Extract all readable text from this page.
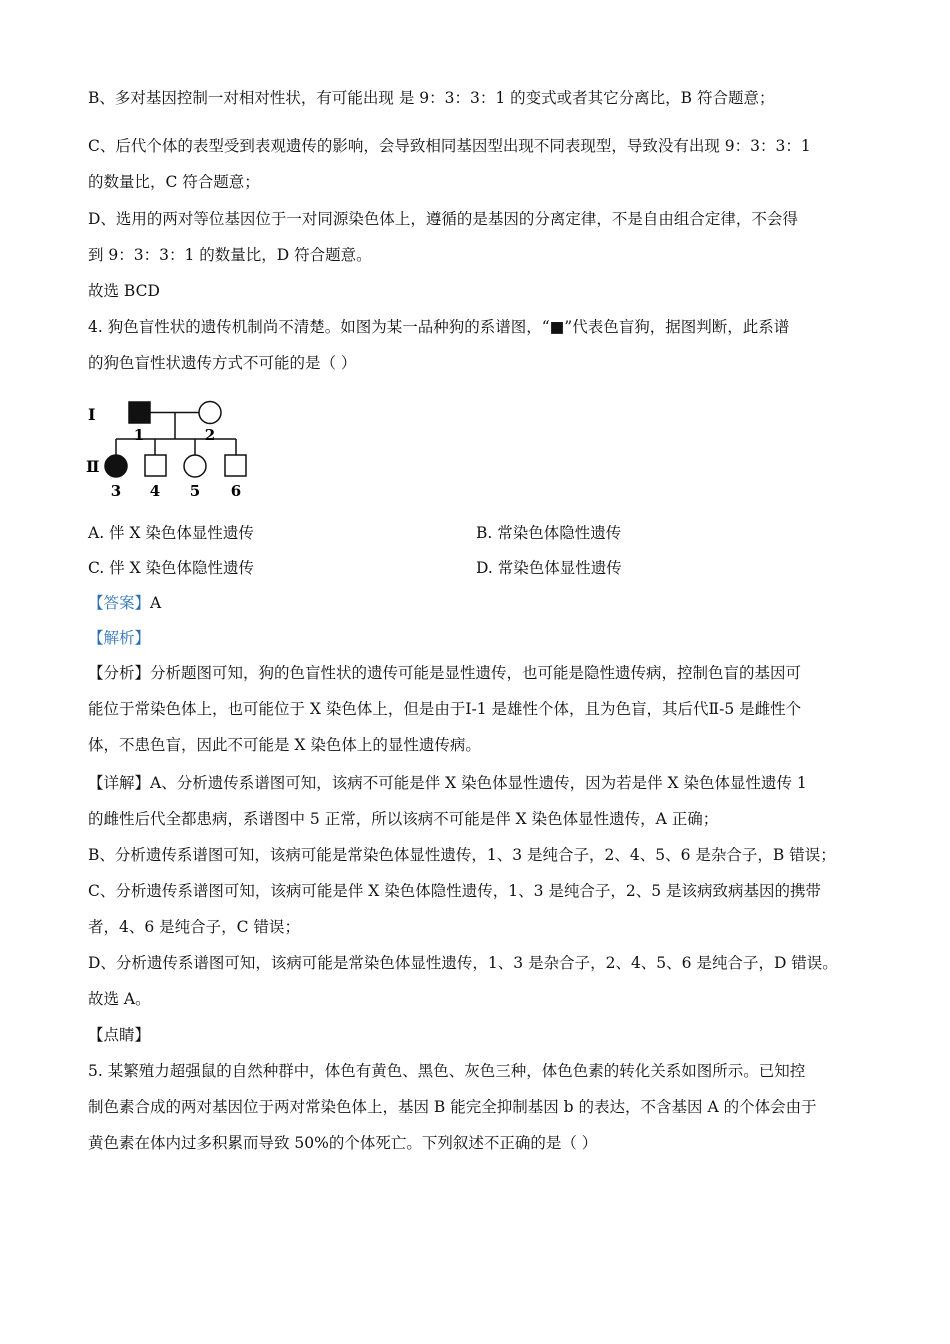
B、多对基因控制一对相对性状，有可能出现 是 9：3：3：1 的变式或者其它分离比，B 符合题意；
C、后代个体的表型受到表观遗传的影响，会导致相同基因型出现不同表现型，导致没有出现 9：3：3：1
的数量比，C 符合题意；
D、选用的两对等位基因位于一对同源染色体上，遵循的是基因的分离定律，不是自由组合定律，不会得
到 9：3：3：1 的数量比，D 符合题意。
故选 BCD
4. 狗色盲性状的遗传机制尚不清楚。如图为某一品种狗的系谱图，“■”代表色盲狗，据图判断，此系谱
的狗色盲性状遗传方式不可能的是（ ）
Ⅰ
Ⅱ
1	2
3 4 5 6
A. 伴 X 染色体显性遗传	B. 常染色体隐性遗传
C. 伴 X 染色体隐性遗传	D. 常染色体显性遗传
【答案】A
【解析】
【分析】分析题图可知，狗的色盲性状的遗传可能是显性遗传，也可能是隐性遗传病，控制色盲的基因可
能位于常染色体上，也可能位于 X 染色体上，但是由于Ⅰ-1 是雄性个体，且为色盲，其后代Ⅱ-5 是雌性个
体，不患色盲，因此不可能是 X 染色体上的显性遗传病。
【详解】A、分析遗传系谱图可知，该病不可能是伴 X 染色体显性遗传，因为若是伴 X 染色体显性遗传 1
的雌性后代全都患病，系谱图中 5 正常，所以该病不可能是伴 X 染色体显性遗传，A 正确；
B、分析遗传系谱图可知，该病可能是常染色体显性遗传，1、3 是纯合子，2、4、5、6 是杂合子，B 错误；
C、分析遗传系谱图可知，该病可能是伴 X 染色体隐性遗传，1、3 是纯合子，2、5 是该病致病基因的携带
者，4、6 是纯合子，C 错误；
D、分析遗传系谱图可知，该病可能是常染色体显性遗传，1、3 是杂合子，2、4、5、6 是纯合子，D 错误。
故选 A。
【点睛】
5. 某繁殖力超强鼠的自然种群中，体色有黄色、黑色、灰色三种，体色色素的转化关系如图所示。已知控
制色素合成的两对基因位于两对常染色体上，基因 B 能完全抑制基因 b 的表达，不含基因 A 的个体会由于
黄色素在体内过多积累而导致 50%的个体死亡。下列叙述不正确的是（ ）
